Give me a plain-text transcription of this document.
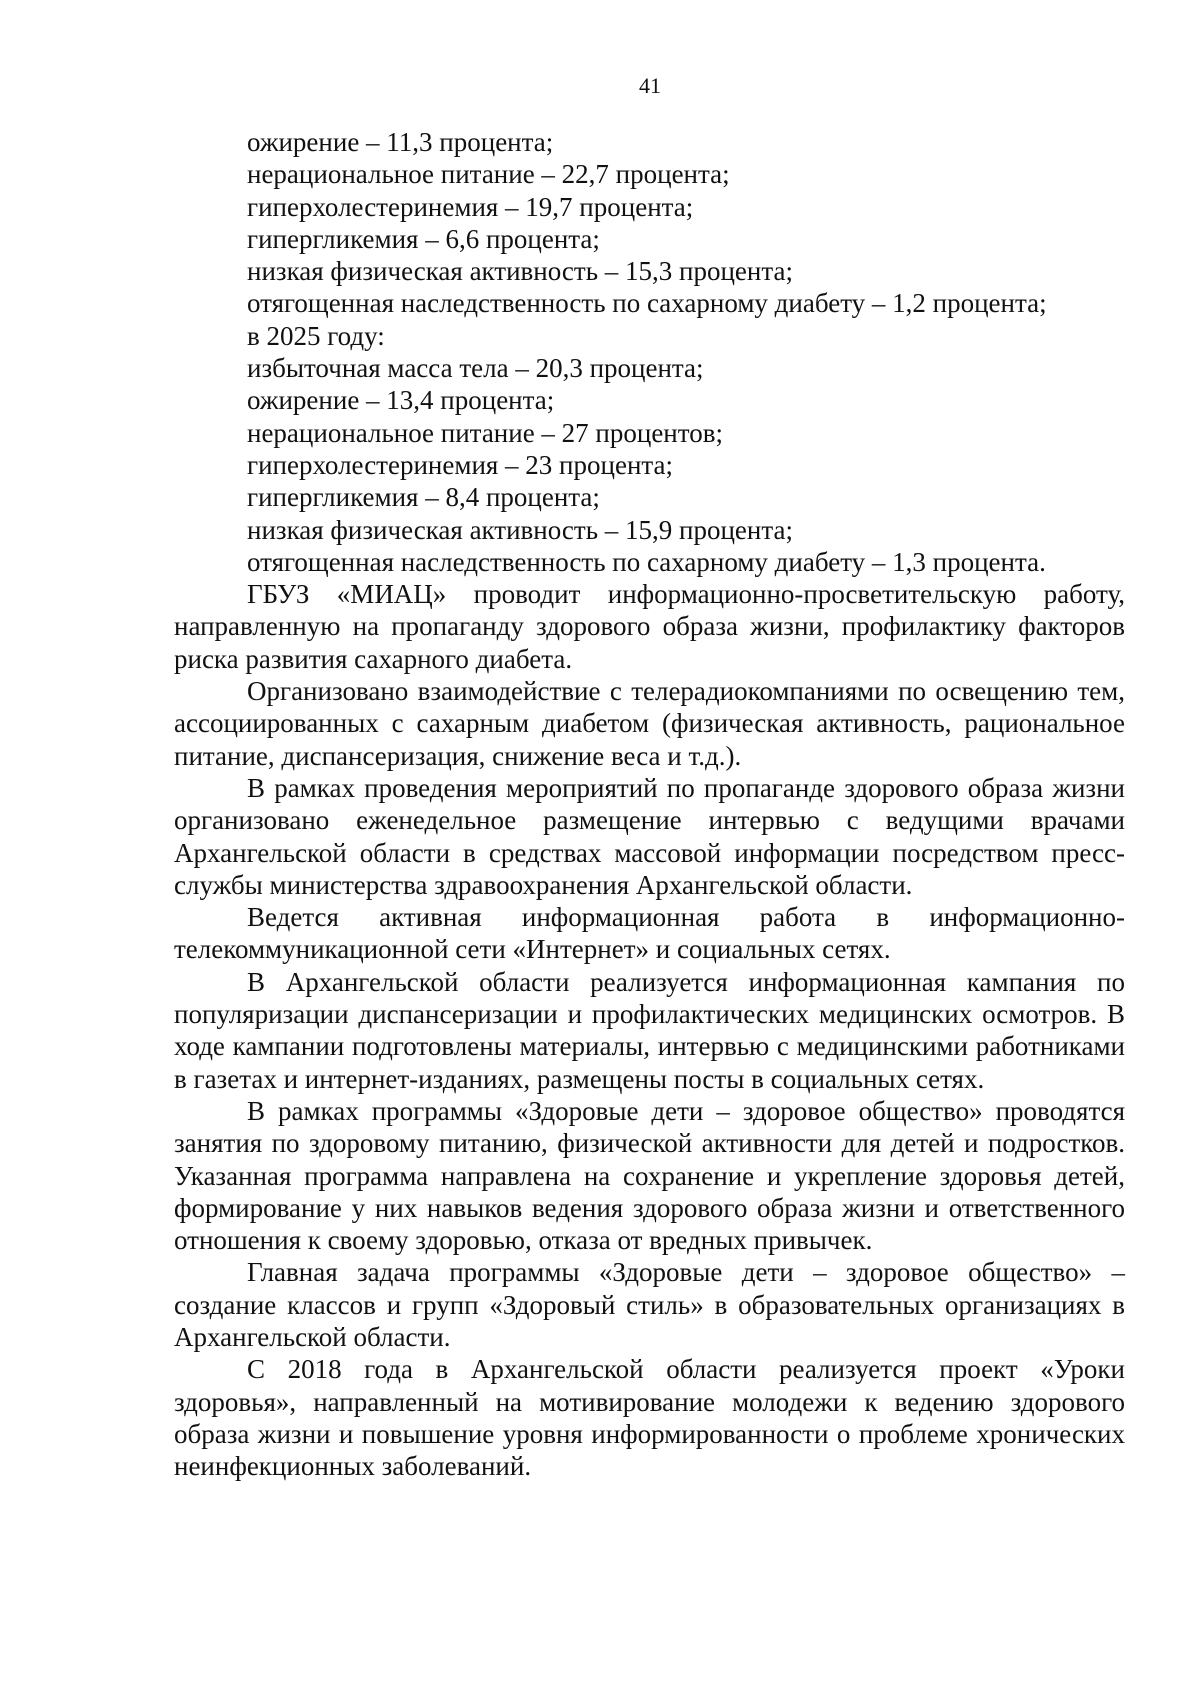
41
ожирение – 11,3 процента;
нерациональное питание – 22,7 процента;
гиперхолестеринемия – 19,7 процента;
гипергликемия – 6,6 процента;
низкая физическая активность – 15,3 процента;
отягощенная наследственность по сахарному диабету – 1,2 процента;
в 2025 году:
избыточная масса тела – 20,3 процента;
ожирение – 13,4 процента;
нерациональное питание – 27 процентов;
гиперхолестеринемия – 23 процента;
гипергликемия – 8,4 процента;
низкая физическая активность – 15,9 процента;
отягощенная наследственность по сахарному диабету – 1,3 процента.

ГБУЗ «МИАЦ» проводит информационно-просветительскую работу, направленную на пропаганду здорового образа жизни, профилактику факторов риска развития сахарного диабета.

Организовано взаимодействие с телерадиокомпаниями по освещению тем, ассоциированных с сахарным диабетом (физическая активность, рациональное питание, диспансеризация, снижение веса и т.д.).

В рамках проведения мероприятий по пропаганде здорового образа жизни организовано еженедельное размещение интервью с ведущими врачами Архангельской области в средствах массовой информации посредством пресс-службы министерства здравоохранения Архангельской области.

Ведется активная информационная работа в информационно-телекоммуникационной сети «Интернет» и социальных сетях.

В Архангельской области реализуется информационная кампания по популяризации диспансеризации и профилактических медицинских осмотров. В ходе кампании подготовлены материалы, интервью с медицинскими работниками в газетах и интернет-изданиях, размещены посты в социальных сетях.

В рамках программы «Здоровые дети – здоровое общество» проводятся занятия по здоровому питанию, физической активности для детей и подростков. Указанная программа направлена на сохранение и укрепление здоровья детей, формирование у них навыков ведения здорового образа жизни и ответственного отношения к своему здоровью, отказа от вредных привычек.

Главная задача программы «Здоровые дети – здоровое общество» – создание классов и групп «Здоровый стиль» в образовательных организациях в Архангельской области.

С 2018 года в Архангельской области реализуется проект «Уроки здоровья», направленный на мотивирование молодежи к ведению здорового образа жизни и повышение уровня информированности о проблеме хронических неинфекционных заболеваний.
